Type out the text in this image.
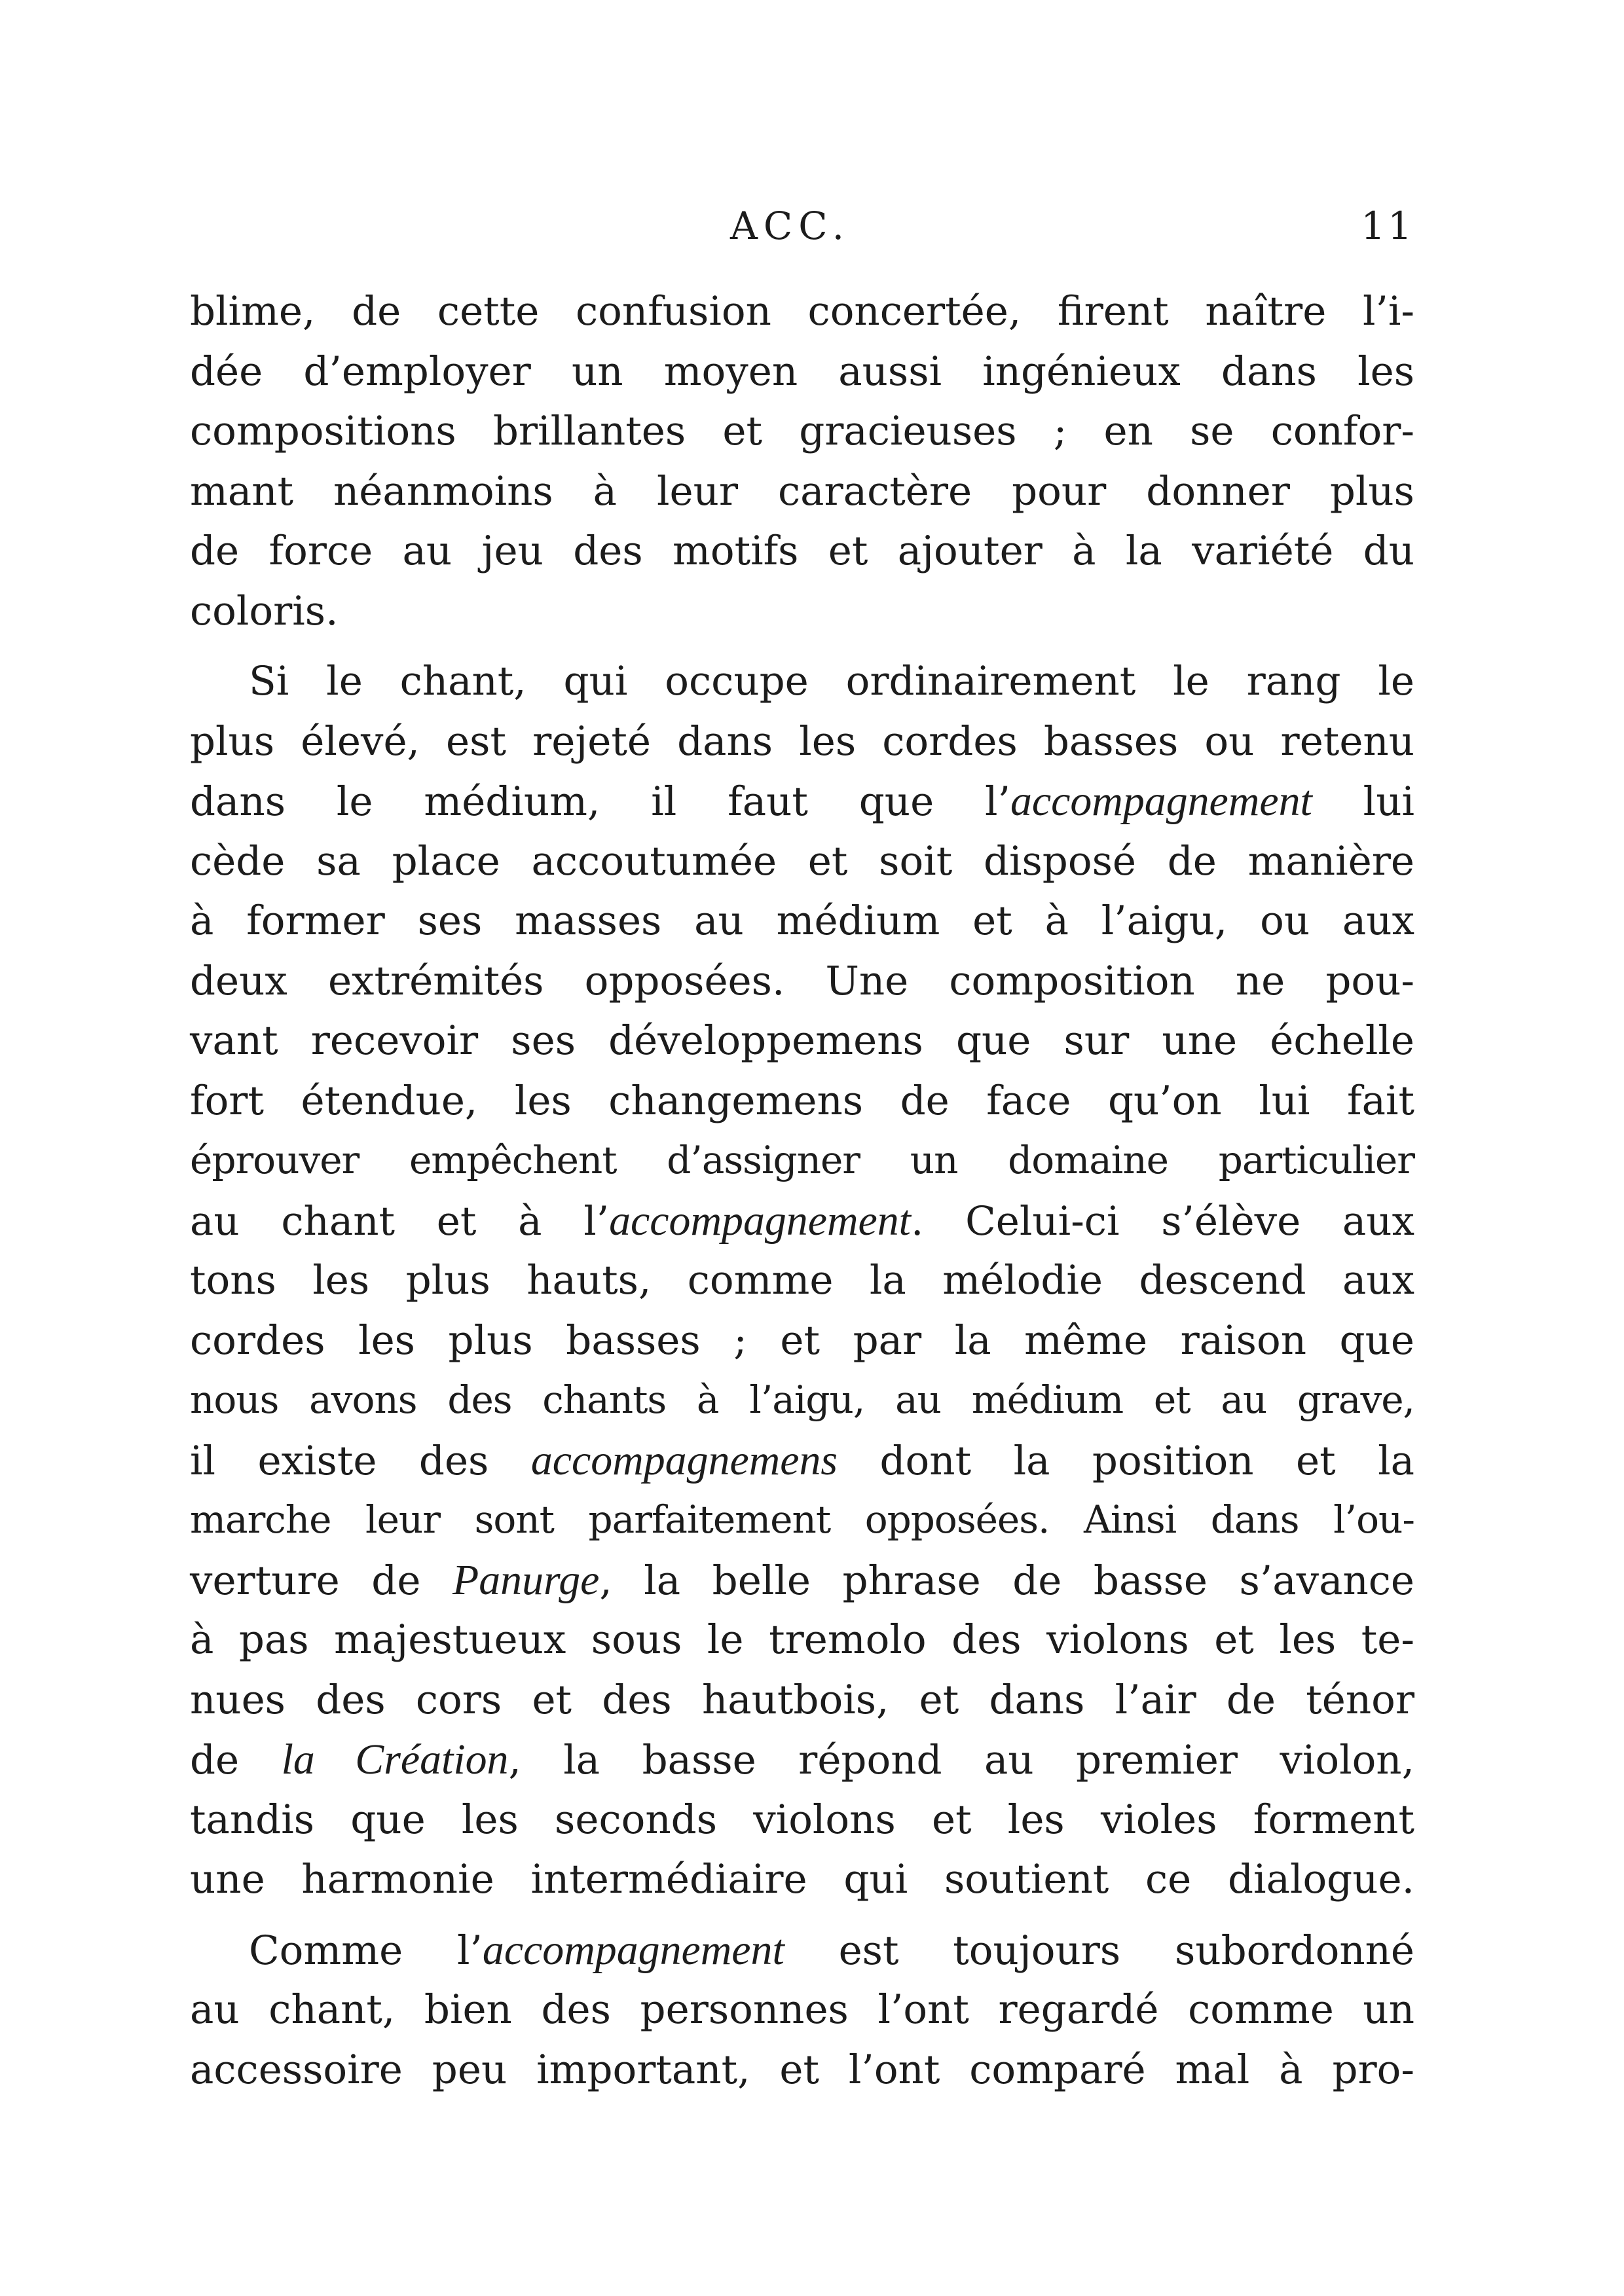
ACC.	11
blime, de cette confusion concertée, firent naître l’i-
dée d’employer un moyen aussi ingénieux dans les
compositions brillantes et gracieuses ; en se confor-
mant néanmoins à leur caractère pour donner plus
de force au jeu des motifs et ajouter à la variété du
coloris.
Si le chant, qui occupe ordinairement le rang le
plus élevé, est rejeté dans les cordes basses ou retenu
dans le médium, il faut que l’accompagnement lui
cède sa place accoutumée et soit disposé de manière
à former ses masses au médium et à l’aigu, ou aux
deux extrémités opposées. Une composition ne pou-
vant recevoir ses développemens que sur une échelle
fort étendue, les changemens de face qu’on lui fait
éprouver empêchent d’assigner un domaine particulier
au chant et à l’accompagnement. Celui-ci s’élève aux
tons les plus hauts, comme la mélodie descend aux
cordes les plus basses ; et par la même raison que
nous avons des chants à l’aigu, au médium et au grave,
il existe des accompagnemens dont la position et la
marche leur sont parfaitement opposées. Ainsi dans l’ou-
verture de Panurge, la belle phrase de basse s’avance
à pas majestueux sous le tremolo des violons et les te-
nues des cors et des hautbois, et dans l’air de ténor
de la Création, la basse répond au premier violon,
tandis que les seconds violons et les violes forment
une harmonie intermédiaire qui soutient ce dialogue.
Comme l’accompagnement est toujours subordonné
au chant, bien des personnes l’ont regardé comme un
accessoire peu important, et l’ont comparé mal à pro-
